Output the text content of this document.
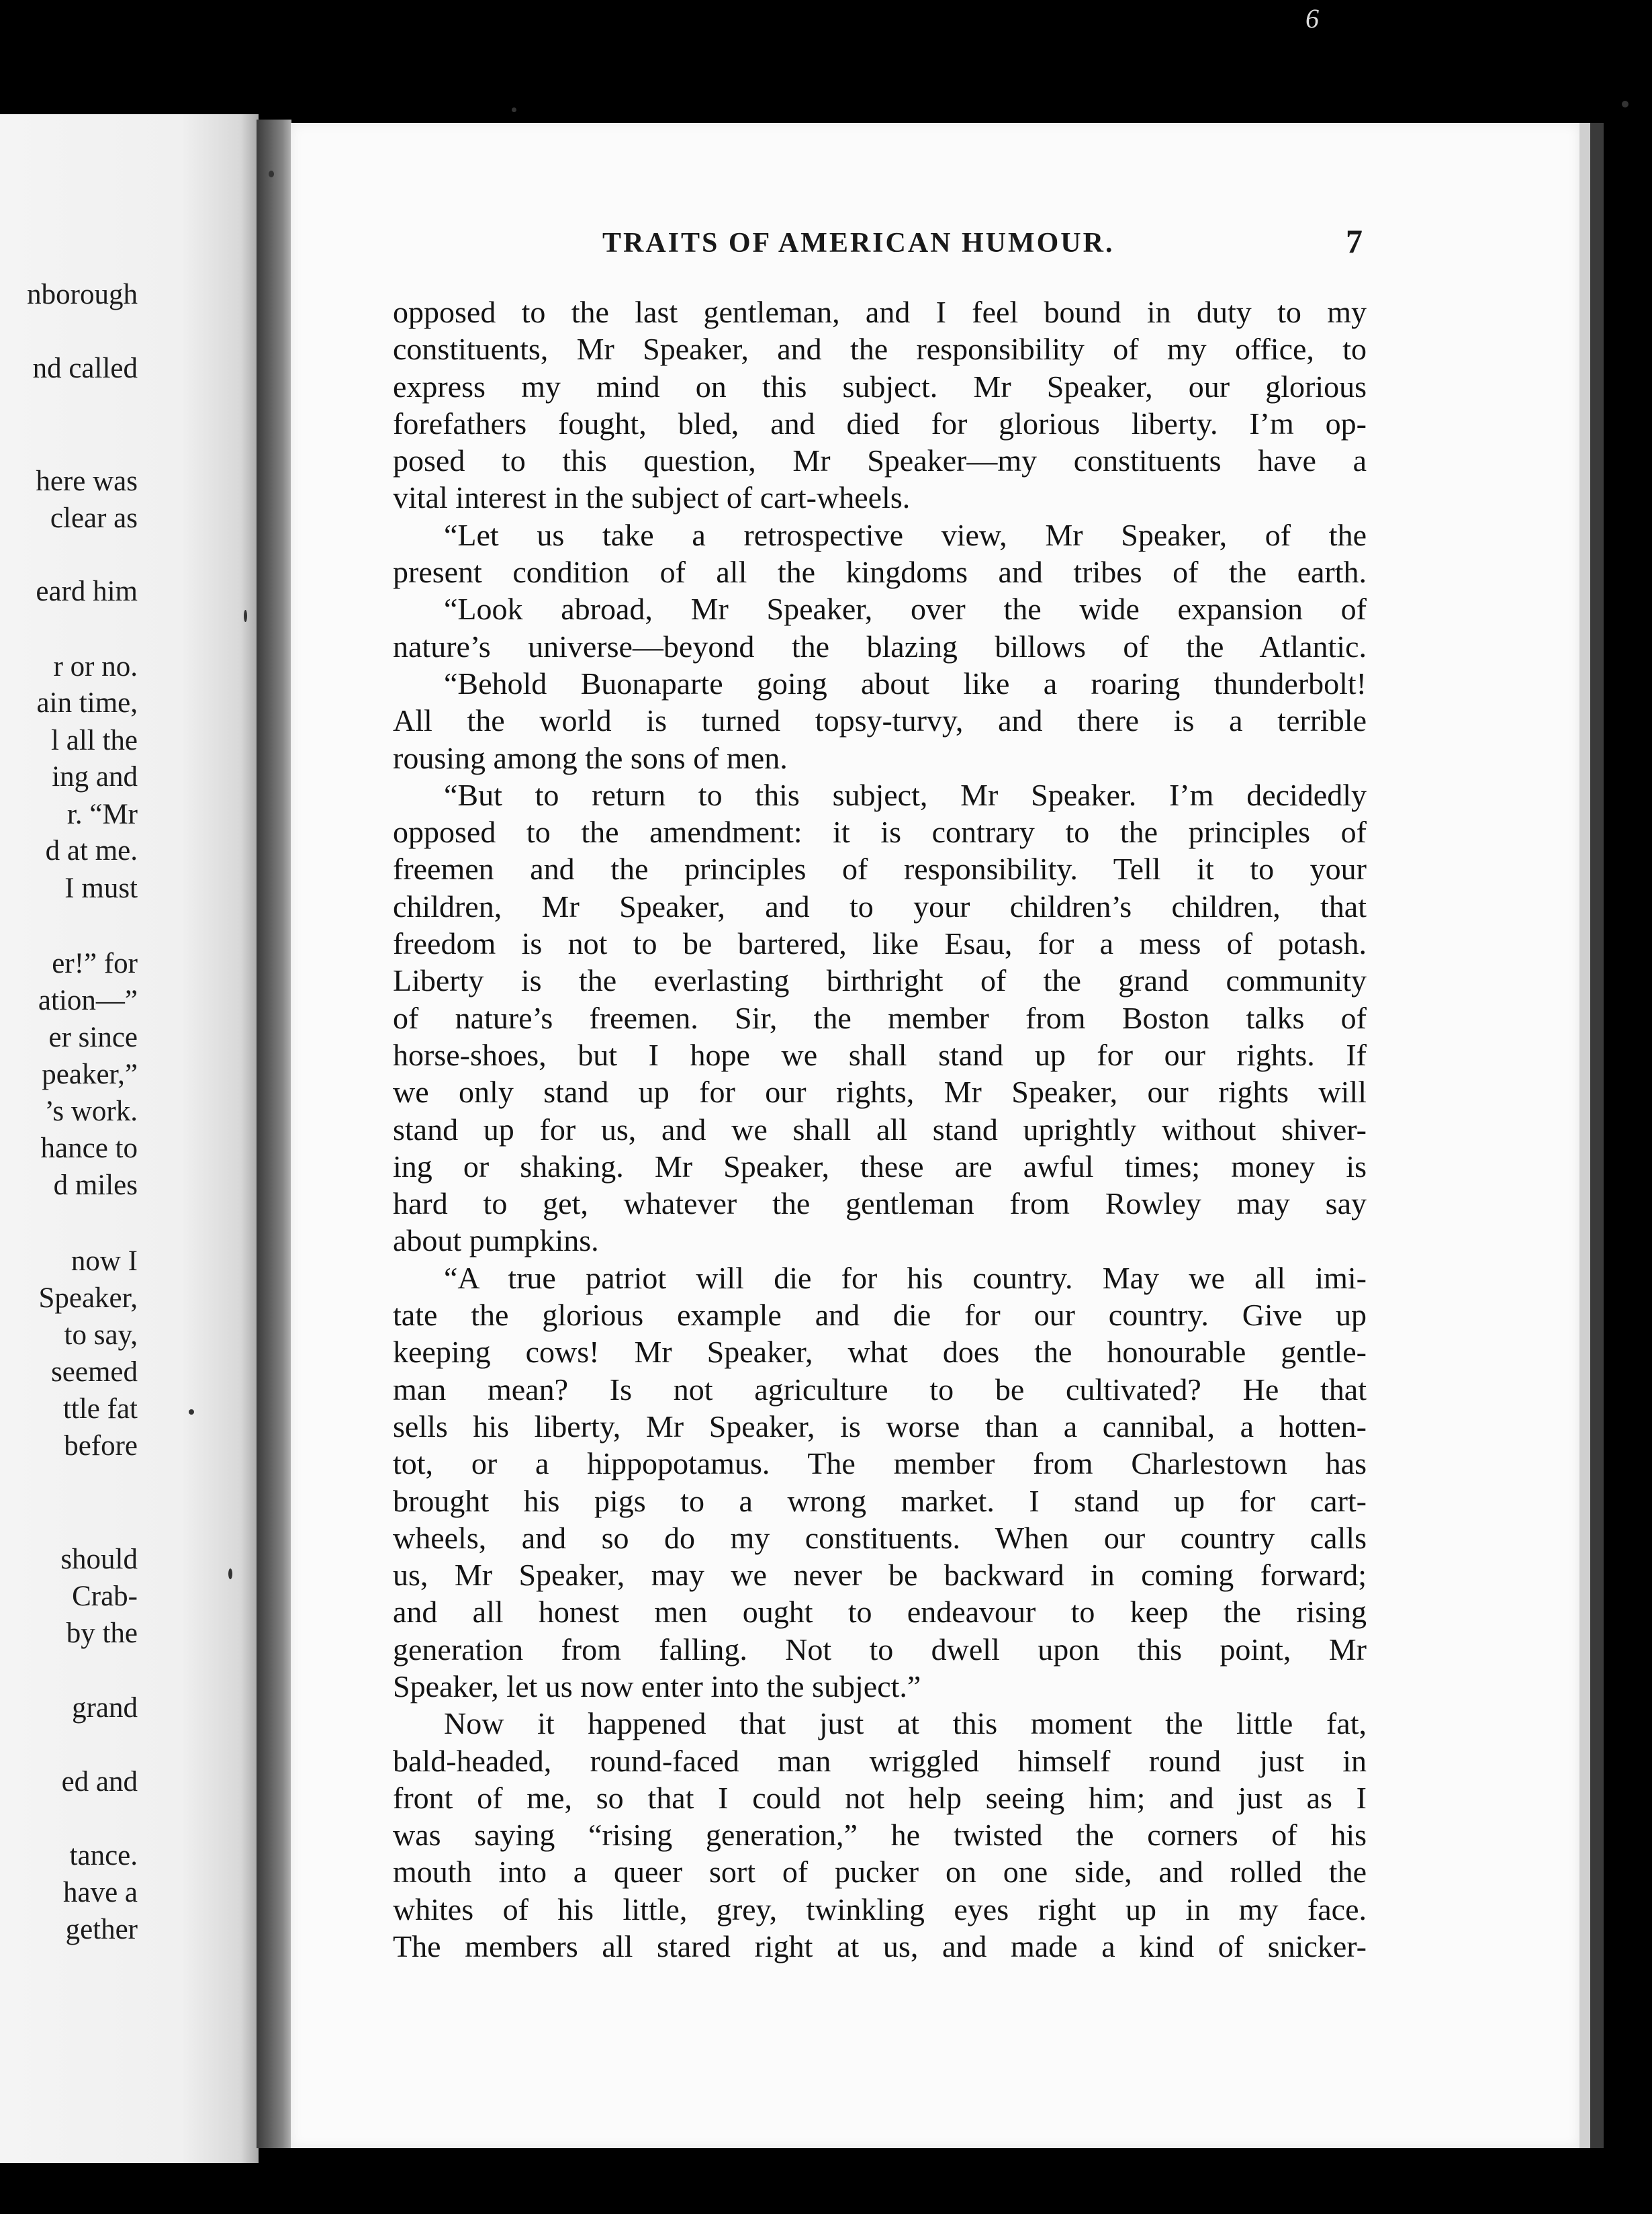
6
nborough
nd called
here was
clear as
eard him
r or no.
ain time,
l all the
ing and
r. “Mr
d at me.
I must
er!” for
ation—”
er since
peaker,”
’s work.
hance to
d miles
now I
Speaker,
to say,
seemed
ttle fat
before
should
Crab-
by the
grand
ed and
tance.
have a
gether
TRAITS OF AMERICAN HUMOUR.	7
opposed to the last gentleman, and I feel bound in duty to my
constituents, Mr Speaker, and the responsibility of my office, to
express my mind on this subject. Mr Speaker, our glorious
forefathers fought, bled, and died for glorious liberty. I’m op-
posed to this question, Mr Speaker—my constituents have a
vital interest in the subject of cart-wheels.
“Let us take a retrospective view, Mr Speaker, of the
present condition of all the kingdoms and tribes of the earth.
“Look abroad, Mr Speaker, over the wide expansion of
nature’s universe—beyond the blazing billows of the Atlantic.
“Behold Buonaparte going about like a roaring thunderbolt!
All the world is turned topsy-turvy, and there is a terrible
rousing among the sons of men.
“But to return to this subject, Mr Speaker. I’m decidedly
opposed to the amendment: it is contrary to the principles of
freemen and the principles of responsibility. Tell it to your
children, Mr Speaker, and to your children’s children, that
freedom is not to be bartered, like Esau, for a mess of potash.
Liberty is the everlasting birthright of the grand community
of nature’s freemen. Sir, the member from Boston talks of
horse-shoes, but I hope we shall stand up for our rights. If
we only stand up for our rights, Mr Speaker, our rights will
stand up for us, and we shall all stand uprightly without shiver-
ing or shaking. Mr Speaker, these are awful times; money is
hard to get, whatever the gentleman from Rowley may say
about pumpkins.
“A true patriot will die for his country. May we all imi-
tate the glorious example and die for our country. Give up
keeping cows! Mr Speaker, what does the honourable gentle-
man mean? Is not agriculture to be cultivated? He that
sells his liberty, Mr Speaker, is worse than a cannibal, a hotten-
tot, or a hippopotamus. The member from Charlestown has
brought his pigs to a wrong market. I stand up for cart-
wheels, and so do my constituents. When our country calls
us, Mr Speaker, may we never be backward in coming forward;
and all honest men ought to endeavour to keep the rising
generation from falling. Not to dwell upon this point, Mr
Speaker, let us now enter into the subject.”
Now it happened that just at this moment the little fat,
bald-headed, round-faced man wriggled himself round just in
front of me, so that I could not help seeing him; and just as I
was saying “rising generation,” he twisted the corners of his
mouth into a queer sort of pucker on one side, and rolled the
whites of his little, grey, twinkling eyes right up in my face.
The members all stared right at us, and made a kind of snicker-
